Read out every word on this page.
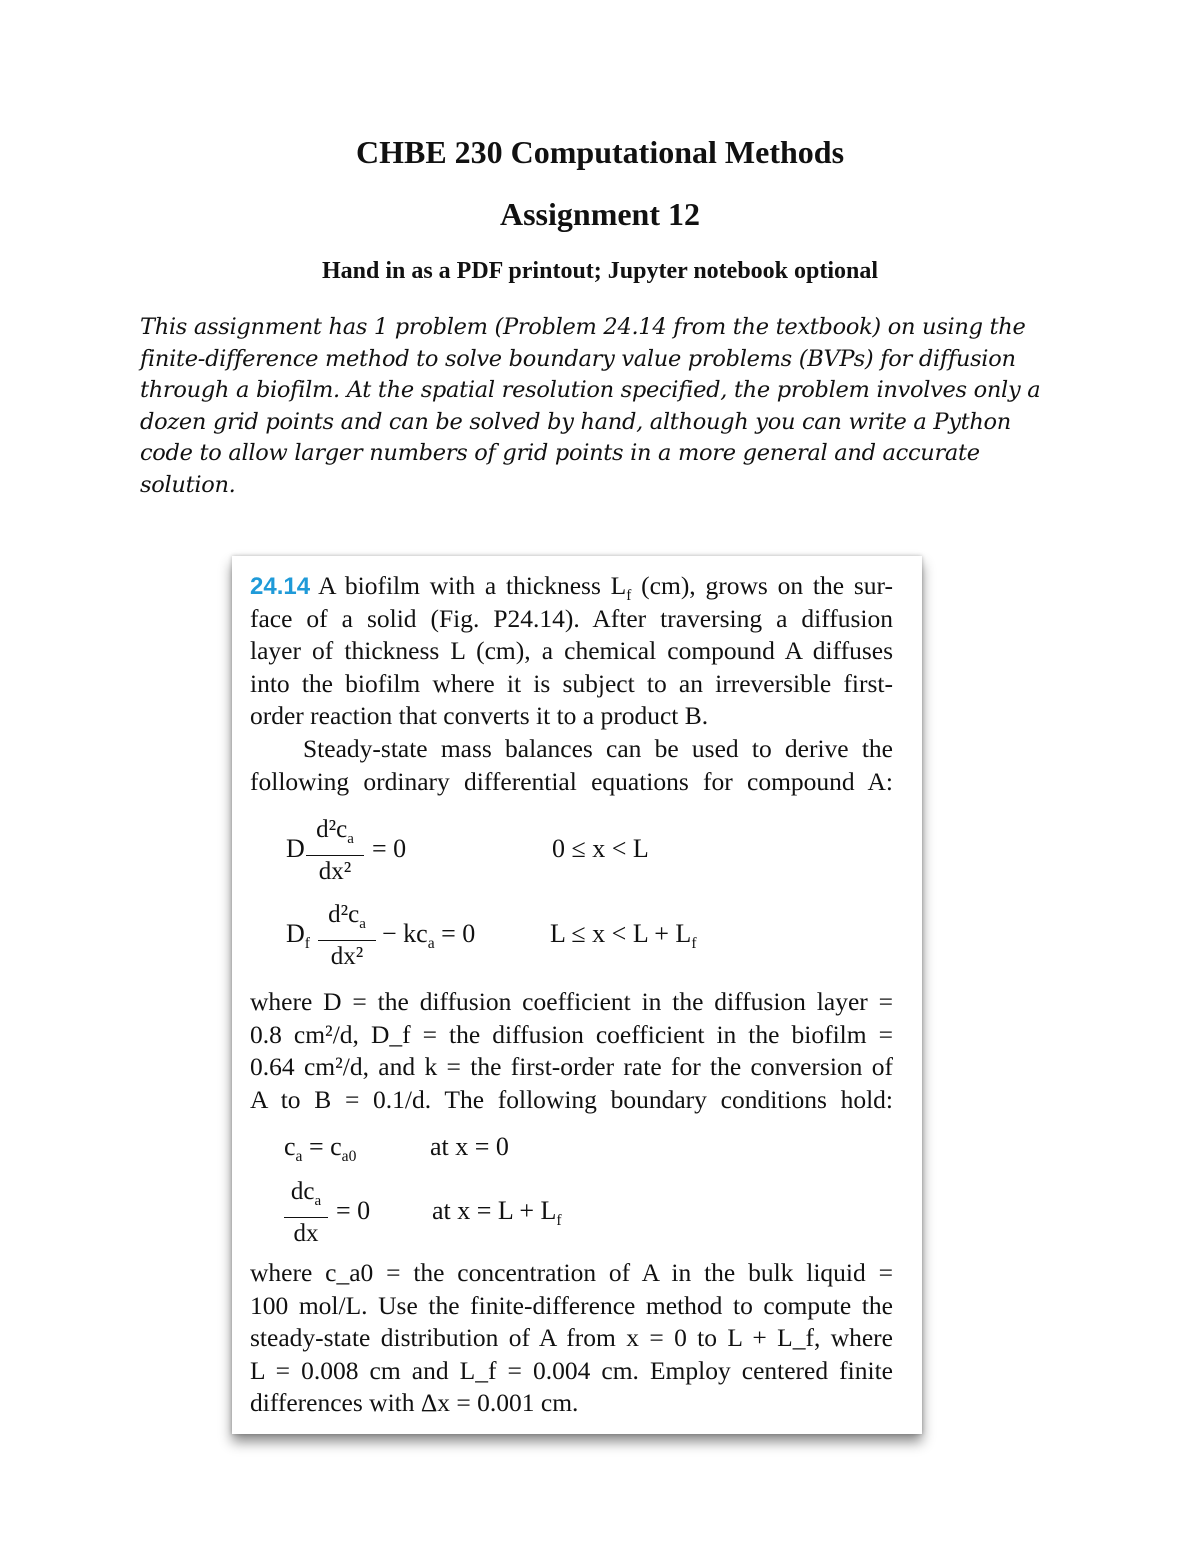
CHBE 230 Computational Methods
Assignment 12
Hand in as a PDF printout; Jupyter notebook optional
This assignment has 1 problem (Problem 24.14 from the textbook) on using the
finite-difference method to solve boundary value problems (BVPs) for diffusion
through a biofilm. At the spatial resolution specified, the problem involves only a
dozen grid points and can be solved by hand, although you can write a Python
code to allow larger numbers of grid points in a more general and accurate
solution.
24.14 A biofilm with a thickness $L_f$ (cm), grows on the sur-
face of a solid (Fig. P24.14). After traversing a diffusion
layer of thickness L (cm), a chemical compound A diffuses
into the biofilm where it is subject to an irreversible first-
order reaction that converts it to a product B.
Steady-state mass balances can be used to derive the
following ordinary differential equations for compound A:
D $\frac{d^2c_a}{\text{dx²}} = 0$	0 ≤ x < L
$D_f \frac{d^2c_a}{\text{dx²}} - kc_a = 0$	$L \le x < L + L_f$
where D = the diffusion coefficient in the diffusion layer =
0.8 cm²/d, D_f = the diffusion coefficient in the biofilm =
0.64 cm²/d, and k = the first-order rate for the conversion of
A to B = 0.1/d. The following boundary conditions hold:
$c_a = c_{a0}$	at x = 0
$dc_a$
dx
= 0 at $x = L + L_f$
where c_a0 = the concentration of A in the bulk liquid =
100 mol/L. Use the finite-difference method to compute the
steady-state distribution of A from x = 0 to L + L_f, where
L = 0.008 cm and L_f = 0.004 cm. Employ centered finite
differences with Δx = 0.001 cm.
